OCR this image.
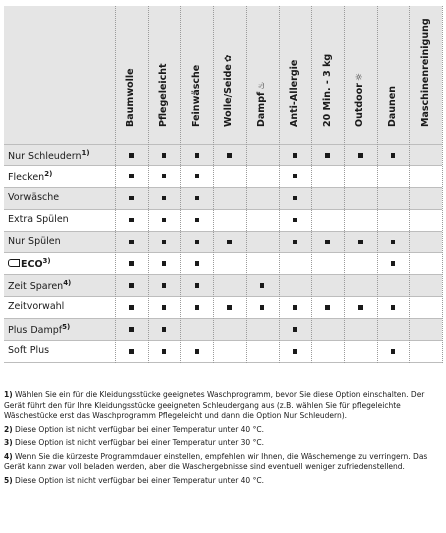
Baumwolle Pflegeleicht Feinwäsche Wolle/Seide✿
Dampf♨ Anti-Allergie 20 Min. - 3 kg Outdoor☼
Daunen Maschinenreinigung
Nur Schleudern$^{1)}$
Flecken$^{2)}$
Vorwäsche
Extra Spülen
Nur Spülen
ECO$^{3)}$
Zeit Sparen$^{4)}$
Zeitvorwahl
Plus Dampf$^{5)}$
Soft Plus
1) Wählen Sie ein für die Kleidungsstücke geeignetes Waschprogramm, bevor Sie diese Option einschalten. Der Gerät führt den für Ihre Kleidungsstücke geeigneten Schleudergang aus (z.B. wählen Sie für pflegeleichte Wäschestücke erst das Waschprogramm Pflegeleicht und dann die Option Nur Schleudern).
2) Diese Option ist nicht verfügbar bei einer Temperatur unter 40 °C.
3) Diese Option ist nicht verfügbar bei einer Temperatur unter 30 °C.
4) Wenn Sie die kürzeste Programmdauer einstellen, empfehlen wir Ihnen, die Wäschemenge zu verringern. Das Gerät kann zwar voll beladen werden, aber die Waschergebnisse sind eventuell weniger zufriedenstellend.
5) Diese Option ist nicht verfügbar bei einer Temperatur unter 40 °C.
